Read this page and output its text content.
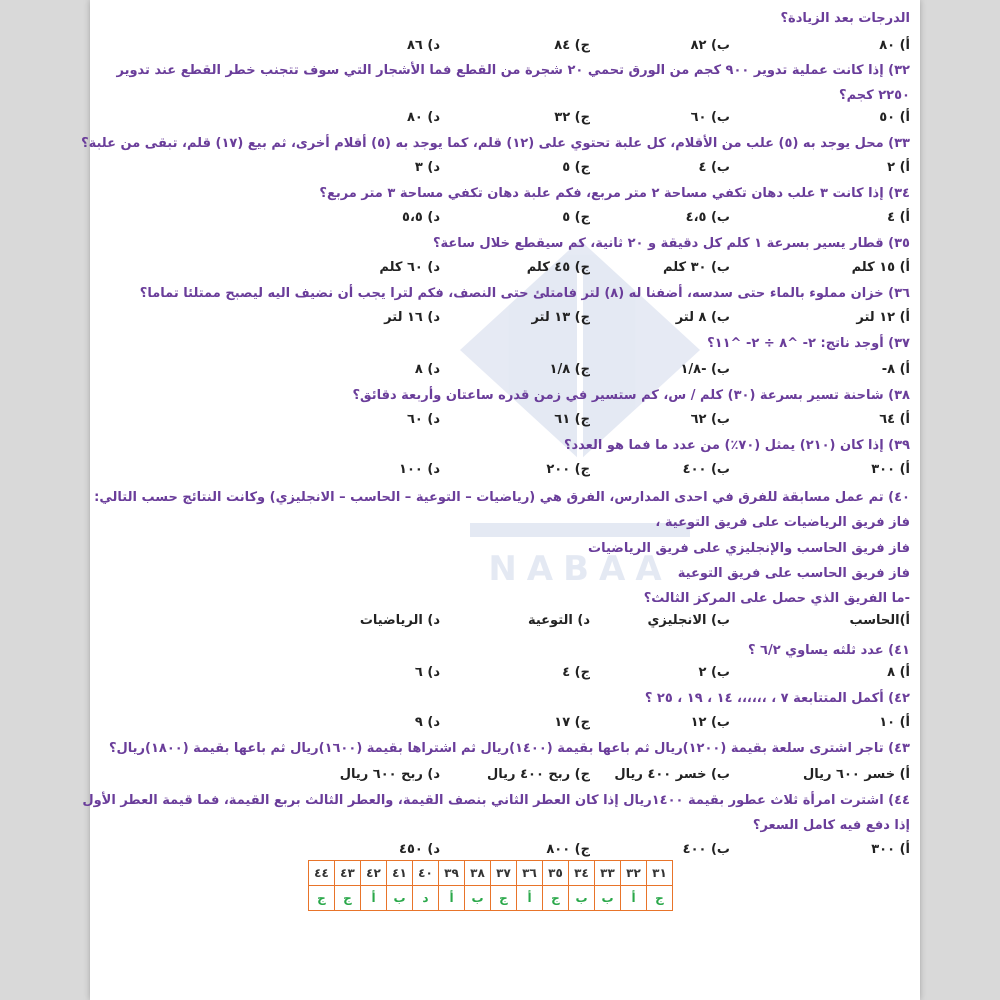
NABAA
الدرجات بعد الزيادة؟
أ) ٨٠
ب) ٨٢
ج) ٨٤
د) ٨٦
٣٢) إذا كانت عملية تدوير ٩٠٠ كجم من الورق تحمي ٢٠ شجرة من القطع فما الأشجار التي سوف تتجنب خطر القطع عند تدوير
٢٢٥٠ كجم؟
أ) ٥٠
ب) ٦٠
ج) ٣٢
د) ٨٠
٣٣) محل يوجد به (٥) علب من الأقلام، كل علبة تحتوي على (١٢) قلم، كما يوجد به (٥) أقلام أخرى، ثم بيع (١٧) قلم، تبقى من علبة؟
أ) ٢
ب) ٤
ج) ٥
د) ٣
٣٤) إذا كانت ٣ علب دهان تكفي مساحة ٢ متر مربع، فكم علبة دهان تكفي مساحة ٣ متر مربع؟
أ) ٤
ب) ٤،٥
ج) ٥
د) ٥،٥
٣٥) قطار يسير بسرعة ١ كلم كل دقيقة و ٢٠ ثانية، كم سيقطع خلال ساعة؟
أ) ١٥ كلم
ب) ٣٠ كلم
ج) ٤٥ كلم
د) ٦٠ كلم
٣٦) خزان مملوء بالماء حتى سدسه، أضفنا له (٨) لتر فامتلئ حتى النصف، فكم لترا يجب أن نضيف اليه ليصبح ممتلئا تماما؟
أ) ١٢ لتر
ب) ٨ لتر
ج) ١٣ لتر
د) ١٦ لتر
٣٧) أوجد ناتج: ٢- ^٨ ÷ ٢- ^١١؟
أ) ٨-
ب) -١/٨
ج) ١/٨
د) ٨
٣٨) شاحنة تسير بسرعة (٣٠) كلم / س، كم ستسير في زمن قدره ساعتان وأربعة دقائق؟
أ) ٦٤
ب) ٦٢
ج) ٦١
د) ٦٠
٣٩) إذا كان (٢١٠) يمثل (٧٠٪) من عدد ما فما هو العدد؟
أ) ٣٠٠
ب) ٤٠٠
ج) ٢٠٠
د) ١٠٠
٤٠) تم عمل مسابقة للفرق في احدى المدارس، الفرق هي (رياضيات – التوعية – الحاسب – الانجليزي) وكانت النتائج حسب التالي:
فاز فريق الرياضيات على فريق التوعية ،
فاز فريق الحاسب والإنجليزي على فريق الرياضيات
فاز فريق الحاسب على فريق التوعية
-ما الفريق الذي حصل على المركز الثالث؟
أ)الحاسب
ب) الانجليزي
د) التوعية
د) الرياضيات
٤١) عدد ثلثه يساوي ٦/٢ ؟
أ) ٨
ب) ٢
ج) ٤
د) ٦
٤٢) أكمل المتتابعة ٧ ، ،،،،،، ١٤ ، ١٩ ، ٢٥ ؟
أ) ١٠
ب) ١٢
ج) ١٧
د) ٩
٤٣) تاجر اشترى سلعة بقيمة (١٢٠٠)ريال ثم باعها بقيمة (١٤٠٠)ريال ثم اشتراها بقيمة (١٦٠٠)ريال ثم باعها بقيمة (١٨٠٠)ريال؟
أ) خسر ٦٠٠ ريال
ب) خسر ٤٠٠ ريال
ج) ربح ٤٠٠ ريال
د) ربح ٦٠٠ ريال
٤٤) اشترت امرأة ثلاث عطور بقيمة ١٤٠٠ريال إذا كان العطر الثاني بنصف القيمة، والعطر الثالث بربع القيمة، فما قيمة العطر الأول
إذا دفع فيه كامل السعر؟
أ) ٣٠٠
ب) ٤٠٠
ج) ٨٠٠
د) ٤٥٠
٣١	٣٢	٣٣	٣٤	٣٥	٣٦	٣٧	٣٨	٣٩	٤٠	٤١	٤٢	٤٣	٤٤
ج	أ	ب	ب	ج	أ	ج	ب	أ	د	ب	أ	ج	ج
